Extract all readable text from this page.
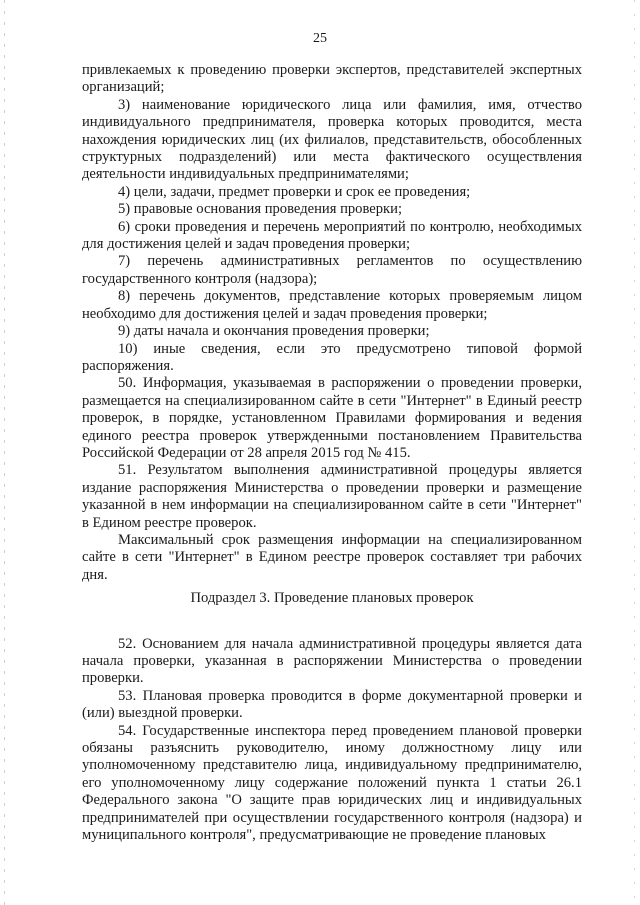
25

привлекаемых к проведению проверки экспертов, представителей экспертных организаций;

3) наименование юридического лица или фамилия, имя, отчество индивидуального предпринимателя, проверка которых проводится, места нахождения юридических лиц (их филиалов, представительств, обособленных структурных подразделений) или места фактического осуществления деятельности индивидуальных предпринимателями;

4) цели, задачи, предмет проверки и срок ее проведения;

5) правовые основания проведения проверки;

6) сроки проведения и перечень мероприятий по контролю, необходимых для достижения целей и задач проведения проверки;

7) перечень административных регламентов по осуществлению государственного контроля (надзора);

8) перечень документов, представление которых проверяемым лицом необходимо для достижения целей и задач проведения проверки;

9) даты начала и окончания проведения проверки;

10) иные сведения, если это предусмотрено типовой формой распоряжения.

50. Информация, указываемая в распоряжении о проведении проверки, размещается на специализированном сайте в сети "Интернет" в Единый реестр проверок, в порядке, установленном Правилами формирования и ведения единого реестра проверок утвержденными постановлением Правительства Российской Федерации от 28 апреля 2015 год № 415.

51. Результатом выполнения административной процедуры является издание распоряжения Министерства о проведении проверки и размещение указанной в нем информации на специализированном сайте в сети "Интернет" в Едином реестре проверок.

Максимальный срок размещения информации на специализированном сайте в сети "Интернет" в Едином реестре проверок составляет три рабочих дня.

Подраздел 3. Проведение плановых проверок

52. Основанием для начала административной процедуры является дата начала проверки, указанная в распоряжении Министерства о проведении проверки.

53. Плановая проверка проводится в форме документарной проверки и (или) выездной проверки.

54. Государственные инспектора перед проведением плановой проверки обязаны разъяснить руководителю, иному должностному лицу или уполномоченному представителю лица, индивидуальному предпринимателю, его уполномоченному лицу содержание положений пункта 1 статьи 26.1 Федерального закона "О защите прав юридических лиц и индивидуальных предпринимателей при осуществлении государственного контроля (надзора) и муниципального контроля", предусматривающие не проведение плановых
